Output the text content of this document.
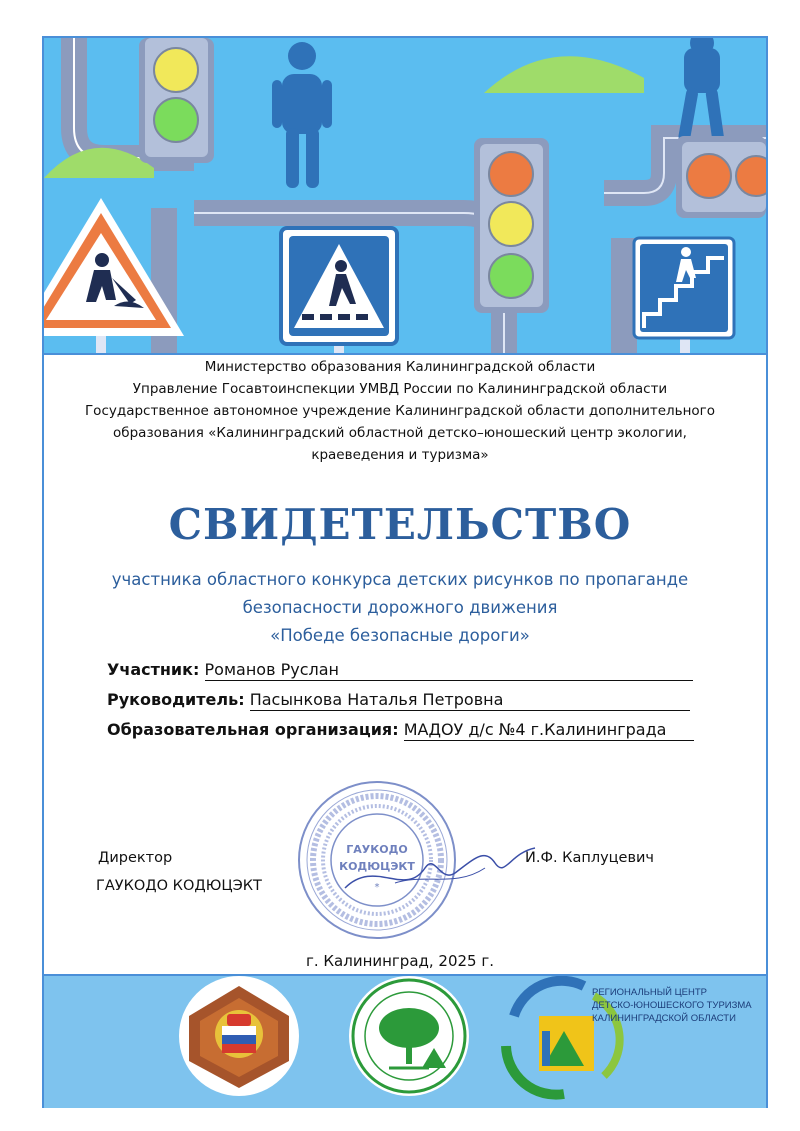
Министерство образования Калининградской области
Управление Госавтоинспекции УМВД России по Калининградской области
Государственное автономное учреждение Калининградской области дополнительного
образования «Калининградский областной детско–юношеский центр экологии,
краеведения и туризма»
СВИДЕТЕЛЬСТВО
участника областного конкурса детских рисунков по пропаганде
безопасности дорожного движения
«Победе безопасные дороги»
Участник: Романов Руслан
Руководитель: Пасынкова Наталья Петровна
Образовательная организация: МАДОУ д/с №4 г.Калининграда
ГАУКОДО
КОДЮЦЭКТ
*
Директор
ГАУКОДО КОДЮЦЭКТ
И.Ф. Каплуцевич
г. Калининград, 2025 г.
РЕГИОНАЛЬНЫЙ ЦЕНТР
ДЕТСКО-ЮНОШЕСКОГО ТУРИЗМА
КАЛИНИНГРАДСКОЙ ОБЛАСТИ
